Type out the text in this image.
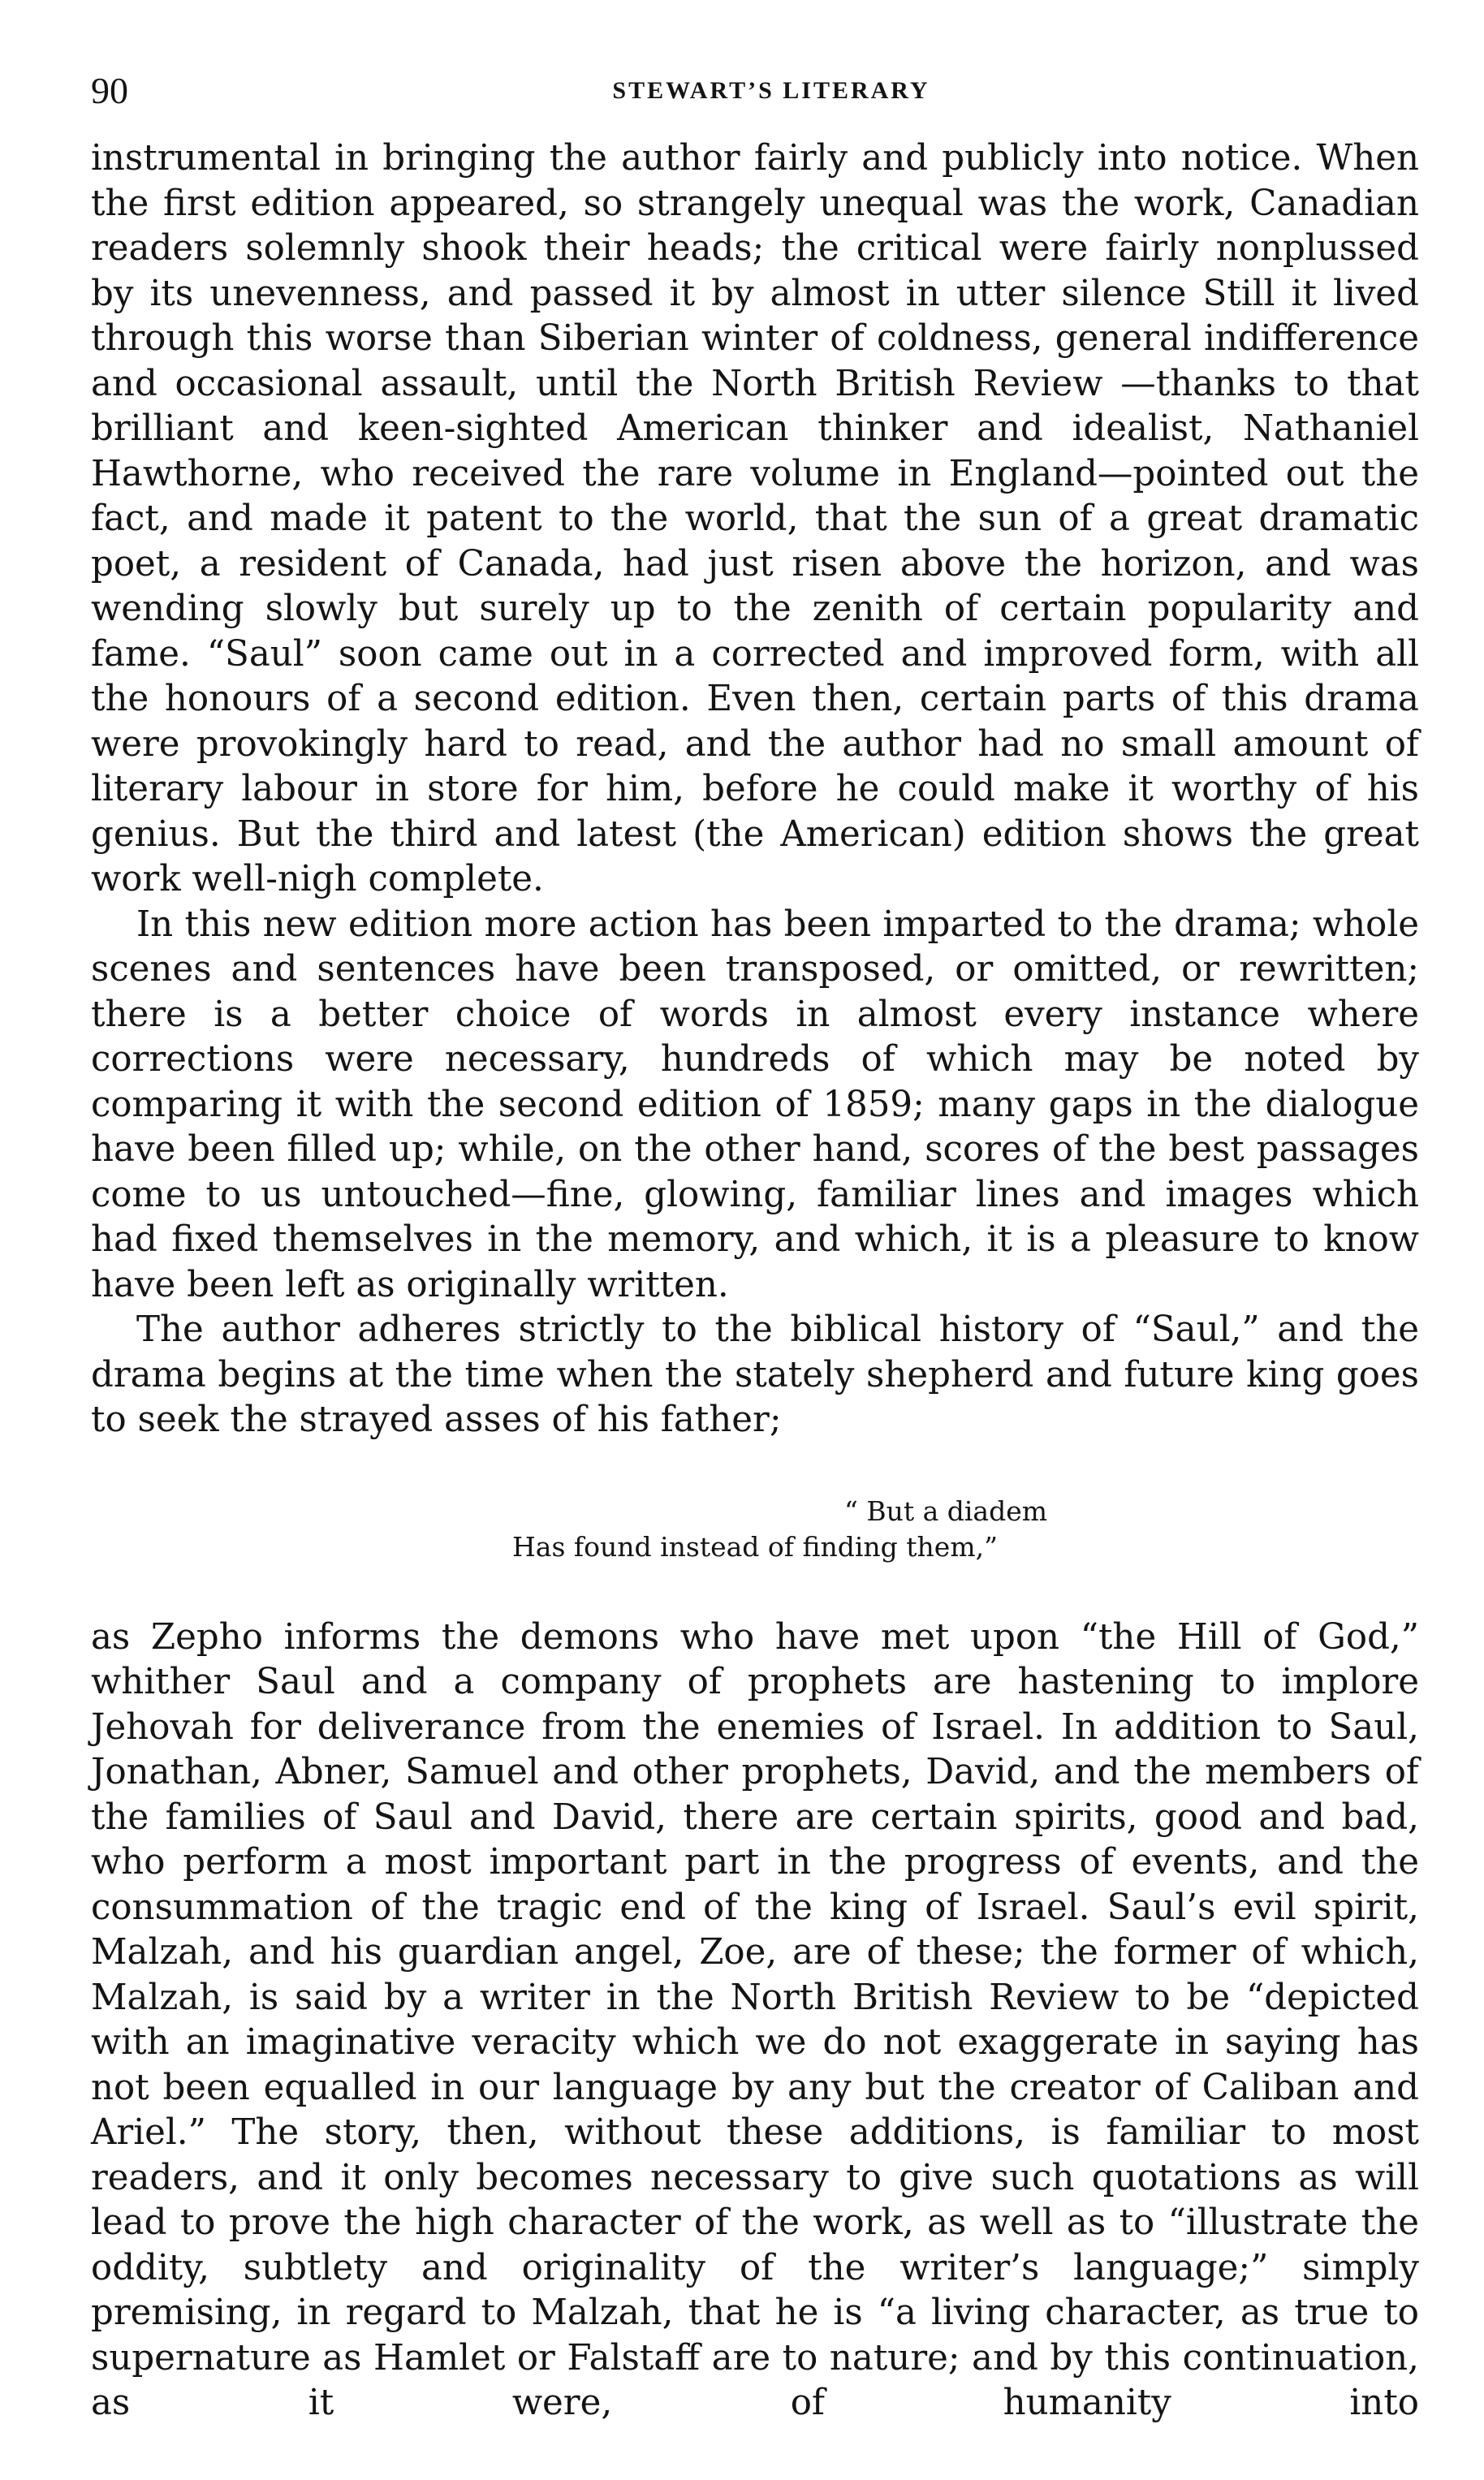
90	STEWART’S LITERARY

instrumental in bringing the author fairly and publicly into notice. When the first edition appeared, so strangely unequal was the work, Canadian readers solemnly shook their heads; the critical were fairly nonplussed by its unevenness, and passed it by almost in utter silence Still it lived through this worse than Siberian winter of coldness, general indifference and occasional assault, until the North British Review —thanks to that brilliant and keen-sighted American thinker and idealist, Nathaniel Hawthorne, who received the rare volume in England—pointed out the fact, and made it patent to the world, that the sun of a great dramatic poet, a resident of Canada, had just risen above the horizon, and was wending slowly but surely up to the zenith of certain popularity and fame. “Saul” soon came out in a corrected and improved form, with all the honours of a second edition. Even then, certain parts of this drama were provokingly hard to read, and the author had no small amount of literary labour in store for him, before he could make it worthy of his genius. But the third and latest (the American) edition shows the great work well-nigh complete.

In this new edition more action has been imparted to the drama; whole scenes and sentences have been transposed, or omitted, or rewritten; there is a better choice of words in almost every instance where corrections were necessary, hundreds of which may be noted by comparing it with the second edition of 1859; many gaps in the dialogue have been filled up; while, on the other hand, scores of the best passages come to us untouched—fine, glowing, familiar lines and images which had fixed themselves in the memory, and which, it is a pleasure to know have been left as originally written.

The author adheres strictly to the biblical history of “Saul,” and the drama begins at the time when the stately shepherd and future king goes to seek the strayed asses of his father;

“ But a diadem
Has found instead of finding them,”

as Zepho informs the demons who have met upon “the Hill of God,” whither Saul and a company of prophets are hastening to implore Jehovah for deliverance from the enemies of Israel. In addition to Saul, Jonathan, Abner, Samuel and other prophets, David, and the members of the families of Saul and David, there are certain spirits, good and bad, who perform a most important part in the progress of events, and the consummation of the tragic end of the king of Israel. Saul’s evil spirit, Malzah, and his guardian angel, Zoe, are of these; the former of which, Malzah, is said by a writer in the North British Review to be “depicted with an imaginative veracity which we do not exaggerate in saying has not been equalled in our language by any but the creator of Caliban and Ariel.” The story, then, without these additions, is familiar to most readers, and it only becomes necessary to give such quotations as will lead to prove the high character of the work, as well as to “illustrate the oddity, subtlety and originality of the writer’s language;” simply premising, in regard to Malzah, that he is “a living character, as true to supernature as Hamlet or Falstaff are to nature; and by this continuation, as it were, of humanity into
